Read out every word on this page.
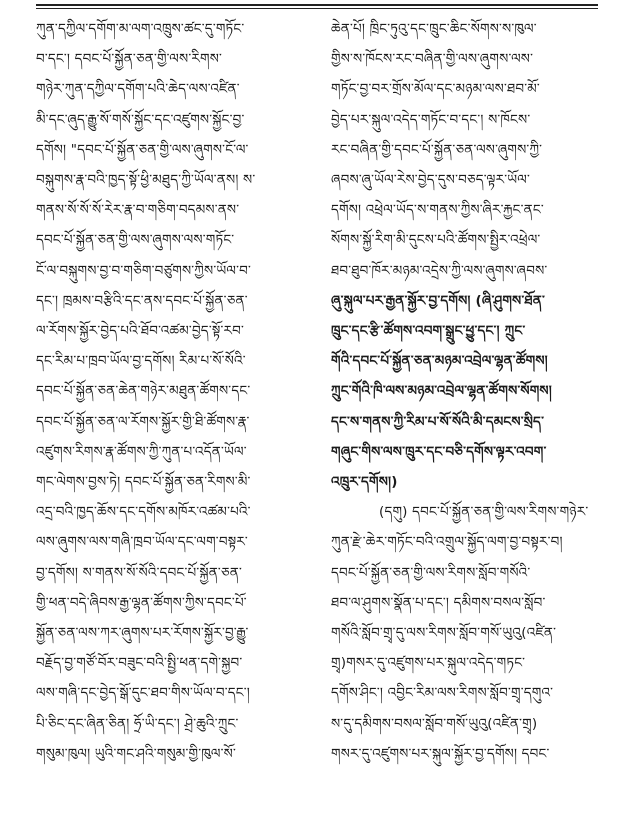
ཀུན་དཀྱིལ་དགོག་མ་ལག་འཁྲུས་ཚང་དུ་གཏོང་
བ་དང་། དབང་པོ་སྐྱོན་ཅན་གྱི་ལས་རིགས་
གཉེར་ཀུན་དཀྱིལ་དགོག་པའི་ཆེད་ལས་འཛིན་
མི་དང་ཞུད་རྒྱུ་སོ་གསོ་སྐྱོང་དང་འཛུགས་སྐྱོང་བྱ་
དགོས། "དབང་པོ་སྐྱོན་ཅན་གྱི་ལས་ཞུགས་ངོ་ལ་
བསྐུགས་རྣ་བའི་ཁྱད་སྟོ་ཕྱི་མཐུད་ཀྱི་ཡོལ་ནས། ས་
གནས་སོ་སོ་སོ་རེར་རྣ་བ་གཅིག་བདམས་ནས་
དབང་པོ་སྐྱོན་ཅན་གྱི་ལས་ཞུགས་ལས་གཏོང་
ངོ་ལ་བསྐུགས་བྱ་བ་གཅིག་བཙུགས་ཀྱིས་ཡོལ་བ་
དང་། ཁྲམས་བརྩིའི་དང་ནས་དབང་པོ་སྐྱོན་ཅན་
ལ་རོགས་སྐྱོར་བྱེད་པའི་ཐོབ་འཚམ་བྱེད་སྟོ་རབ་
དང་རིམ་པ་ཁྲབ་ཡོལ་བྱ་དགོས། རིམ་པ་སོ་སོའི་
དབང་པོ་སྐྱོན་ཅན་ཆེན་གཉེར་མཐུན་ཚོགས་དང་
དབང་པོ་སྐྱོན་ཅན་ལ་རོགས་སྐྱོར་གྱི་ཐི་ཚོགས་རྣ་
འཛུགས་རིགས་རྣ་ཚོགས་ཀྱི་ཀུན་པ་འདོན་ཡོལ་
གང་ལེགས་བྱས་ཏེ། དབང་པོ་སྐྱོན་ཅན་རིགས་མི་
འདྲ་བའི་ཁྱད་ཆོས་དང་དགོས་མཁོར་འཚམ་པའི་
ལས་ཞུགས་ལས་གཞི་ཁྲབ་ཡོལ་དང་ལག་བསྟར་
བྱ་དགོས། ས་གནས་སོ་སོའི་དབང་པོ་སྐྱོན་ཅན་
གྱི་ཕན་བདེ་ཞིབས་རྒྱ་ལྷན་ཚོགས་ཀྱིས་དབང་པོ་
སྐྱོན་ཅན་ལས་ཀར་ཞུགས་པར་རོགས་སྐྱོར་བྱ་རྒྱུ་
བརྗོད་བྱ་གཙོ་བོར་བཟུང་བའི་སྤྱི་ཕན་དགེ་སྐྱབ་
ལས་གཞི་དང་བྱེད་སྒོ་དུང་ཐབ་གིས་ཡོལ་བ་དང་།
པི་ཅིང་དང་ཞིན་ཅིན། ཧྲོ་ཡི་དང་། ཤྲེ་ཆུའི་ཀྲུང་
གསུམ་ཁུལ། ཡུའི་གང་ཤའི་གསུམ་གྱི་ཁུལ་སོ་
ཆེན་པོ། ཁྲིང་ཏུའུ་དང་ཁྲུང་ཆིང་སོགས་ས་ཁུལ་
གྱིས་ས་ཁོངས་རང་བཞིན་གྱི་ལས་ཞུགས་ལས་
གཏོང་བྱ་བར་གྲོས་མོལ་དང་མཉམ་ལས་ཐབ་མོ་
བྱེད་པར་སྐུལ་འདེད་གཏོང་བ་དང་། ས་ཁོངས་
རང་བཞིན་གྱི་དབང་པོ་སྐྱོན་ཅན་ལས་ཞུགས་ཀྱི་
ཞབས་ཞུ་ཡོལ་རེས་བྱེད་དུས་བཅད་ལྟར་ཡོལ་
དགོས། འཕྲེལ་ཡོད་ས་གནས་ཀྱིས་ཞིར་རྐྱང་ནང་
སོགས་སྐྱོ་རིག་མི་དུངས་པའི་ཚོགས་སྤྱིར་འཕྲེལ་
ཐབ་ཐུབ་ཁོར་མཉམ་འདྲེས་ཀྱི་ལས་ཞུགས་ཞབས་
ཞུ་སྐུལ་པར་རྒྱན་སྐྱོར་བྱ་དགོས། (ཞི་ཤུགས་ཐོན་
ཁྲུང་དང་རྩི་ཚོགས་འབག་སྒྲུང་ཕྱུ་དང་། ཀྲུང་
གོའི་དབང་པོ་སྐྱོན་ཅན་མཉམ་འབྲེལ་ལྷན་ཚོགས།
ཀྲུང་གོའི་ཁི་ལས་མཉམ་འབྲེལ་ལྷན་ཚོགས་སོགས།
དང་ས་གནས་ཀྱི་རིམ་པ་སོ་སོའི་མི་དམངས་སྲིད་
གཞུང་གིས་ལས་ཁྲུར་དང་བཅི་དགོས་ལྟར་འབག་
འཁྲུར་དགོས།)
(དགུ) དབང་པོ་སྐྱོན་ཅན་གྱི་ལས་རིགས་གཉེར་
ཀུན་རྫེ་ཆེར་གཏོང་བའི་འགྲུལ་སྐྱོད་ལག་བྱ་བསྟར་བ།
དབང་པོ་སྐྱོན་ཅན་གྱི་ལས་རིགས་སློབ་གསོའི་
ཐབ་ལ་ཤུགས་སྣོན་པ་དང་། དམིགས་བསལ་སློབ་
གསོའི་སློབ་གྲྭ་དུ་ལས་རིགས་སློབ་གསོ་ཡུའུ(འཛིན་
གྲྭ)གསར་དུ་འཛུགས་པར་སྐུལ་འདེད་གཏང་
དགོས་ཤིང་། འབྱིང་རིམ་ལས་རིགས་སློབ་གྲྭ་དགུའ་
ས་དུ་དམིགས་བསལ་སློབ་གསོ་ཡུའུ(འཛིན་གྲྭ)
གསར་དུ་འཛུགས་པར་སྐུལ་སྐྱོར་བྱ་དགོས། དབང་
